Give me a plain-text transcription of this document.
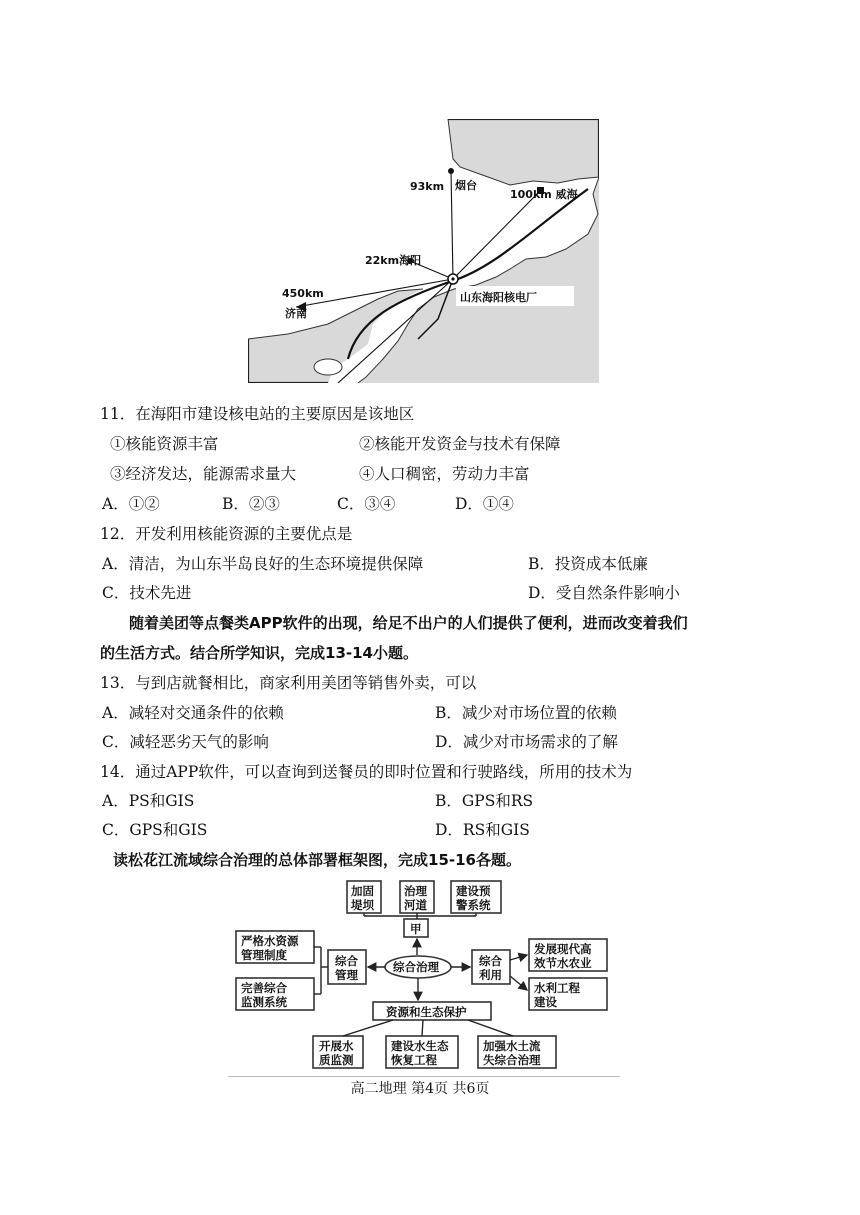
93km 烟台
100km 威海
22km海阳
450km
济南
山东海阳核电厂
11．在海阳市建设核电站的主要原因是该地区
①核能资源丰富	②核能开发资金与技术有保障
③经济发达，能源需求量大	④人口稠密，劳动力丰富
A．①②	B．②③	C．③④	D．①④
12．开发利用核能资源的主要优点是
A．清洁，为山东半岛良好的生态环境提供保障	B．投资成本低廉
C．技术先进	D．受自然条件影响小
随着美团等点餐类APP软件的出现，给足不出户的人们提供了便利，进而改变着我们
的生活方式。结合所学知识，完成13-14小题。
13．与到店就餐相比，商家利用美团等销售外卖，可以
A．减轻对交通条件的依赖	B．减少对市场位置的依赖
C．减轻恶劣天气的影响	D．减少对市场需求的了解
14．通过APP软件，可以查询到送餐员的即时位置和行驶路线，所用的技术为
A．PS和GIS	B．GPS和RS
C．GPS和GIS	D．RS和GIS
读松花江流域综合治理的总体部署框架图，完成15-16各题。
加固
堤坝
治理
河道
建设预
警系统
甲
综合治理
综合
管理
综合
利用
严格水资源
管理制度
完善综合
监测系统
发展现代高
效节水农业
水利工程
建设
资源和生态保护
开展水
质监测
建设水生态
恢复工程
加强水土流
失综合治理
高二地理 第4页 共6页
